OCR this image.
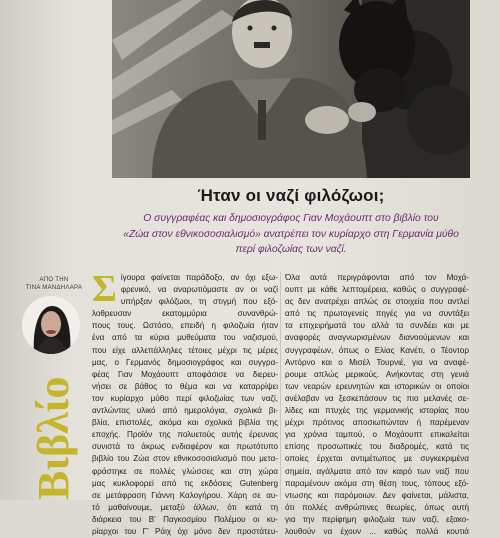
Ήταν οι ναζί φιλόζωοι;
Ο συγγραφέας και δημοσιογράφος Γιαν Μοχάουπτ στο βιβλίο του
«Ζώα στον εθνικοσοσιαλισμό» ανατρέπει τον κυρίαρχο στη Γερμανία μύθο
περί φιλοζωίας των ναζί.
ΑΠΟ ΤΗΝ
ΤΙΝΑ ΜΑΝΔΗΛΑΡΑ
Βιβλίο
Σ ίγουρα φαίνεται παράδοξο, αν όχι εξω-
φρενικό, να αναρωτιόμαστε αν οι ναζί
υπήρξαν φιλόζωοι, τη στιγμή που εξό-
λοθρευσαν εκατομμύρια συνανθρώ-
πους τους. Ωστόσο, επειδή η φιλοζωία ήταν
ένα από τα κύρια μυθεύματα του ναζισμού,
που είχε αλλεπάλληλες τέτοιες μέχρι τις μέρες
μας, ο Γερμανός δημοσιογράφος και συγγρα-
φέας Γιαν Μοχάουπτ αποφάσισε να διερευ-
νήσει σε βάθος το θέμα και να καταρρίψει
τον κυρίαρχο μύθο περί φιλοζωίας των ναζί,
αντλώντας υλικό από ημερολόγια, σχολικά βι-
βλία, επιστολές, ακόμα και σχολικά βιβλία της
εποχής. Προϊόν της πολυετούς αυτής έρευνας
συνιστά το άκρως ενδιαφέρον και πρωτότυπο
βιβλίο του Ζώα στον εθνικοσοσιαλισμό που μετα-
φράστηκε σε πολλές γλώσσες και στη χώρα
μας κυκλοφορεί από τις εκδόσεις Gutenberg
σε μετάφραση Γιάννη Καλογήρου. Χάρη σε αυ-
τό μαθαίνουμε, μεταξύ άλλων, ότι κατά τη
διάρκεια του Β' Παγκοσμίου Πολέμου οι κυ-
ρίαρχοι του Γ' Ράιχ όχι μόνο δεν προστάτευ-
Όλα αυτά περιγράφονται από τον Μοχά-
ουπτ με κάθε λεπτομέρεια, καθώς ο συγγραφέ-
ας δεν ανατρέχει απλώς σε στοιχεία που αντλεί
από τις πρωτογενείς πηγές για να συντάξει
τα επιχειρήματά του αλλά τα συνδέει και με
αναφορές αναγνωρισμένων διανοούμενων και
συγγραφέων, όπως ο Ελίας Κανέτι, ο Τέοντορ
Αντόρνο και ο Μισέλ Τουρνιέ, για να αναφέ-
ρουμε απλώς μερικούς. Ανήκοντας στη γενιά
των νεαρών ερευνητών και ιστορικών οι οποίοι
ανέλαβαν να ξεσκεπάσουν τις πιο μελανές σε-
λίδες και πτυχές της γερμανικής ιστορίας που
μέχρι πρότινος αποσιωπώνταν ή παρέμεναν
για χρόνια ταμπού, ο Μοχάουπτ επικαλείται
επίσης προσωπικές του διαδρομές, κατά τις
οποίες έρχεται αντιμέτωπος με συγκεκριμένα
σημεία, αγάλματα από τον καιρό των ναζί που
παραμένουν ακόμα στη θέση τους, τόπους εξό-
ντωσης και παρόμοιων. Δεν φαίνεται, μάλιστα,
ότι πολλές ανθρώπινες θεωρίες, όπως αυτή
για την περίφημη φιλοζωία των ναζί, εξακο-
λουθούν να έχουν ... καθώς πολλά κουτιά
